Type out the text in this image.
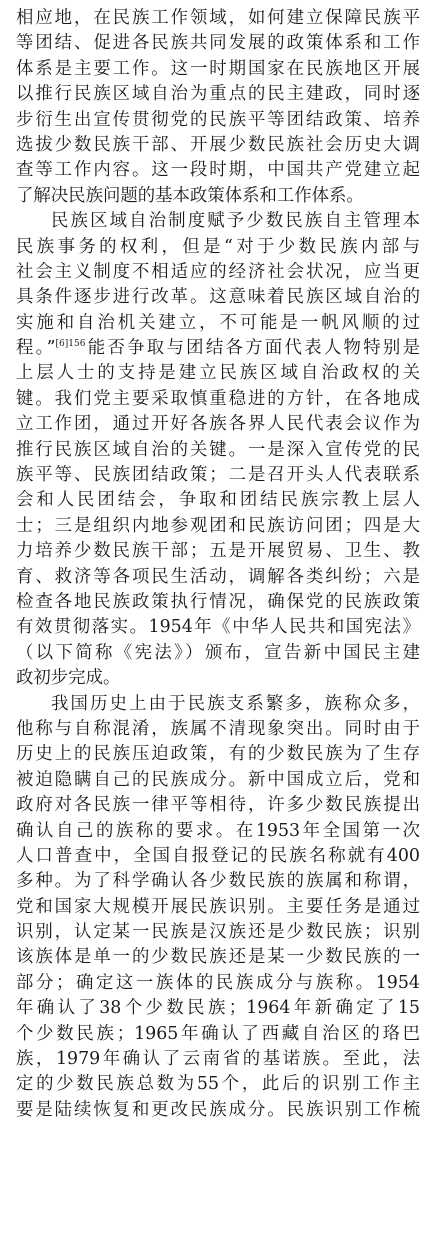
相应地，在民族工作领域，如何建立保障民族平
等团结、促进各民族共同发展的政策体系和工作
体系是主要工作。这一时期国家在民族地区开展
以推行民族区域自治为重点的民主建政，同时逐
步衍生出宣传贯彻党的民族平等团结政策、培养
选拔少数民族干部、开展少数民族社会历史大调
查等工作内容。这一段时期，中国共产党建立起
了解决民族问题的基本政策体系和工作体系。
民族区域自治制度赋予少数民族自主管理本
民族事务的权利，但是“对于少数民族内部与
社会主义制度不相适应的经济社会状况，应当更
具条件逐步进行改革。这意味着民族区域自治的
实施和自治机关建立，不可能是一帆风顺的过
程。”$^{[6]156}$能否争取与团结各方面代表人物特别是
上层人士的支持是建立民族区域自治政权的关
键。我们党主要采取慎重稳进的方针，在各地成
立工作团，通过开好各族各界人民代表会议作为
推行民族区域自治的关键。一是深入宣传党的民
族平等、民族团结政策；二是召开头人代表联系
会和人民团结会，争取和团结民族宗教上层人
士；三是组织内地参观团和民族访问团；四是大
力培养少数民族干部；五是开展贸易、卫生、教
育、救济等各项民生活动，调解各类纠纷；六是
检查各地民族政策执行情况，确保党的民族政策
有效贯彻落实。1954年《中华人民共和国宪法》
（以下简称《宪法》）颁布，宣告新中国民主建
政初步完成。
我国历史上由于民族支系繁多，族称众多，
他称与自称混淆，族属不清现象突出。同时由于
历史上的民族压迫政策，有的少数民族为了生存
被迫隐瞒自己的民族成分。新中国成立后，党和
政府对各民族一律平等相待，许多少数民族提出
确认自己的族称的要求。在1953年全国第一次
人口普查中，全国自报登记的民族名称就有400
多种。为了科学确认各少数民族的族属和称谓，
党和国家大规模开展民族识别。主要任务是通过
识别，认定某一民族是汉族还是少数民族；识别
该族体是单一的少数民族还是某一少数民族的一
部分；确定这一族体的民族成分与族称。1954
年确认了38个少数民族；1964年新确定了15
个少数民族；1965年确认了西藏自治区的珞巴
族，1979年确认了云南省的基诺族。至此，法
定的少数民族总数为55个，此后的识别工作主
要是陆续恢复和更改民族成分。民族识别工作梳
